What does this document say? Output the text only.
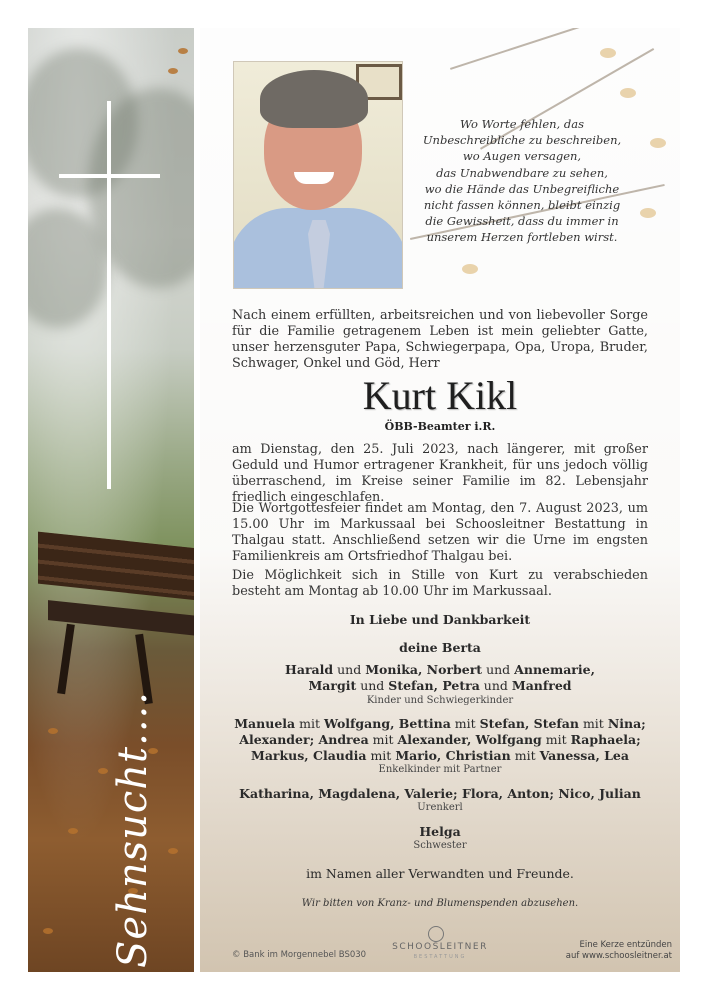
Sehnsucht....
Wo Worte fehlen, das
Unbeschreibliche zu beschreiben,
wo Augen versagen,
das Unabwendbare zu sehen,
wo die Hände das Unbegreifliche
nicht fassen können, bleibt einzig
die Gewissheit, dass du immer in
unserem Herzen fortleben wirst.
Nach einem erfüllten, arbeitsreichen und von liebevoller Sorge für die Familie getragenem Leben ist mein geliebter Gatte, unser herzensguter Papa, Schwiegerpapa, Opa, Uropa, Bruder, Schwager, Onkel und Göd, Herr
Kurt Kikl
ÖBB-Beamter i.R.
am Dienstag, den 25. Juli 2023, nach längerer, mit großer Geduld und Humor ertragener Krankheit, für uns jedoch völlig überraschend, im Kreise seiner Familie im 82. Lebensjahr friedlich eingeschlafen.
Die Wortgottesfeier findet am Montag, den 7. August 2023, um 15.00 Uhr im Markussaal bei Schoosleitner Bestattung in Thalgau statt. Anschließend setzen wir die Urne im engsten Familienkreis am Ortsfriedhof Thalgau bei.
Die Möglichkeit sich in Stille von Kurt zu verabschieden besteht am Montag ab 10.00 Uhr im Markussaal.
In Liebe und Dankbarkeit
deine Berta
Harald und Monika, Norbert und Annemarie,
Margit und Stefan, Petra und Manfred
Kinder und Schwiegerkinder
Manuela mit Wolfgang, Bettina mit Stefan, Stefan mit Nina;
Alexander; Andrea mit Alexander, Wolfgang mit Raphaela;
Markus, Claudia mit Mario, Christian mit Vanessa, Lea
Enkelkinder mit Partner
Katharina, Magdalena, Valerie; Flora, Anton; Nico, Julian
Urenkerl
Helga
Schwester
im Namen aller Verwandten und Freunde.
Wir bitten von Kranz- und Blumenspenden abzusehen.
© Bank im Morgennebel BS030
SCHOOSLEITNER
BESTATTUNG
Eine Kerze entzünden
auf www.schoosleitner.at
